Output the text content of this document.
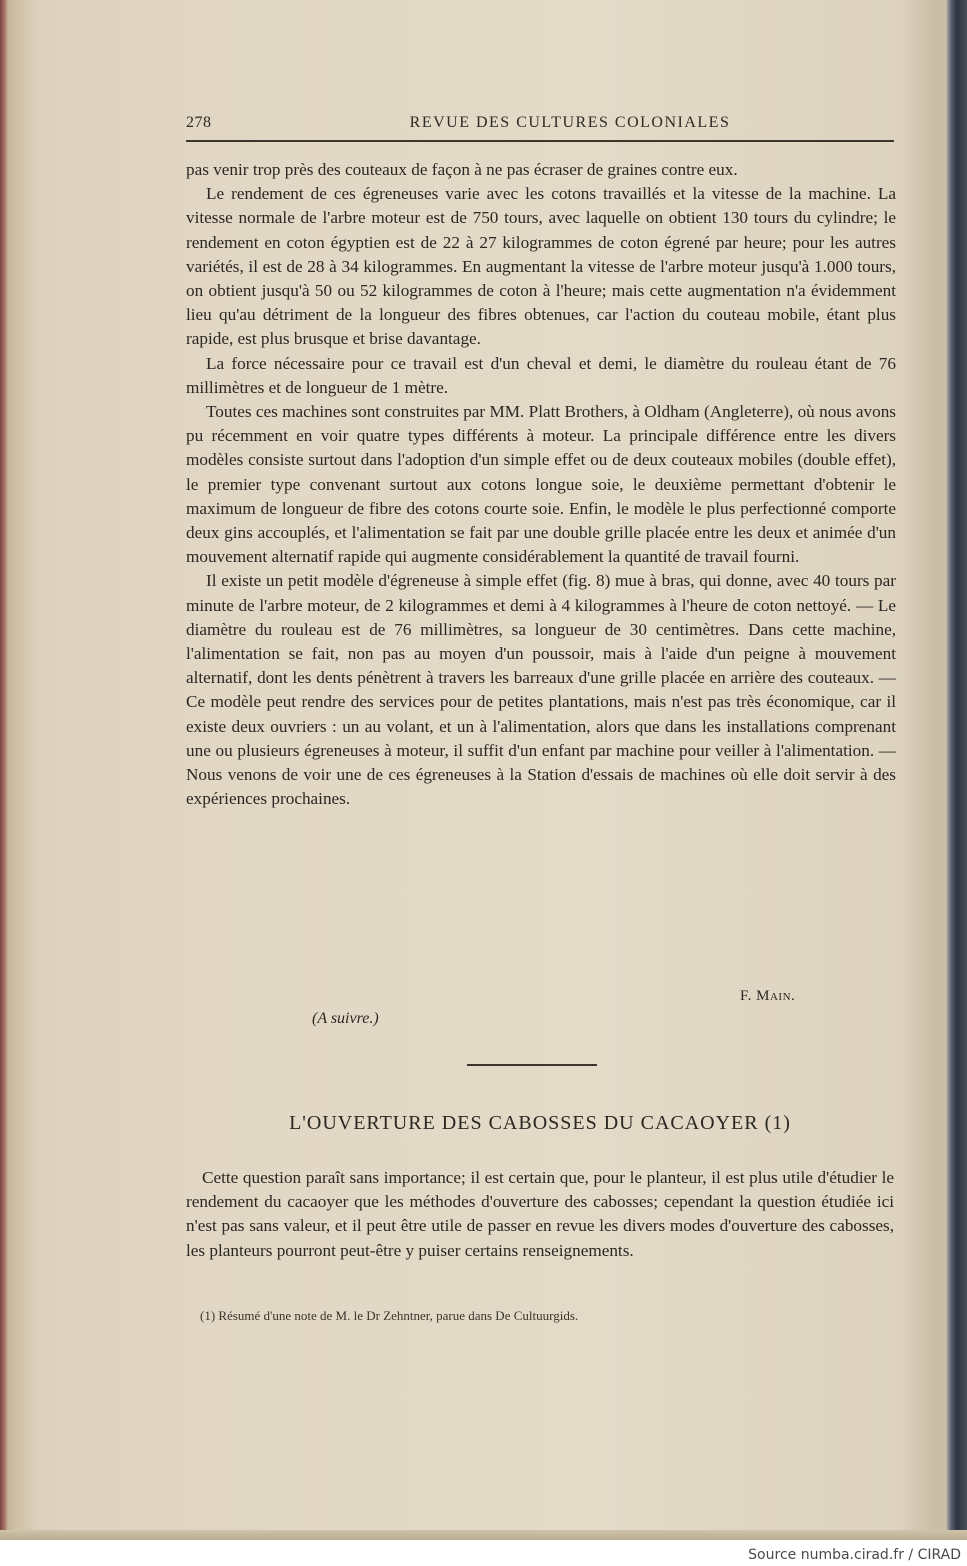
278	REVUE DES CULTURES COLONIALES

pas venir trop près des couteaux de façon à ne pas écraser de graines contre eux.

Le rendement de ces égreneuses varie avec les cotons travaillés et la vitesse de la machine. La vitesse normale de l'arbre moteur est de 750 tours, avec laquelle on obtient 130 tours du cylindre; le rendement en coton égyptien est de 22 à 27 kilogrammes de coton égrené par heure; pour les autres variétés, il est de 28 à 34 kilogrammes. En augmentant la vitesse de l'arbre moteur jusqu'à 1.000 tours, on obtient jusqu'à 50 ou 52 kilogrammes de coton à l'heure; mais cette augmentation n'a évidemment lieu qu'au détriment de la longueur des fibres obtenues, car l'action du couteau mobile, étant plus rapide, est plus brusque et brise davantage.

La force nécessaire pour ce travail est d'un cheval et demi, le diamètre du rouleau étant de 76 millimètres et de longueur de 1 mètre.

Toutes ces machines sont construites par MM. Platt Brothers, à Oldham (Angleterre), où nous avons pu récemment en voir quatre types différents à moteur. La principale différence entre les divers modèles consiste surtout dans l'adoption d'un simple effet ou de deux couteaux mobiles (double effet), le premier type convenant surtout aux cotons longue soie, le deuxième permettant d'obtenir le maximum de longueur de fibre des cotons courte soie. Enfin, le modèle le plus perfectionné comporte deux gins accouplés, et l'alimentation se fait par une double grille placée entre les deux et animée d'un mouvement alternatif rapide qui augmente considérablement la quantité de travail fourni.

Il existe un petit modèle d'égreneuse à simple effet (fig. 8) mue à bras, qui donne, avec 40 tours par minute de l'arbre moteur, de 2 kilogrammes et demi à 4 kilogrammes à l'heure de coton nettoyé. — Le diamètre du rouleau est de 76 millimètres, sa longueur de 30 centimètres. Dans cette machine, l'alimentation se fait, non pas au moyen d'un poussoir, mais à l'aide d'un peigne à mouvement alternatif, dont les dents pénètrent à travers les barreaux d'une grille placée en arrière des couteaux. — Ce modèle peut rendre des services pour de petites plantations, mais n'est pas très économique, car il existe deux ouvriers : un au volant, et un à l'alimentation, alors que dans les installations comprenant une ou plusieurs égreneuses à moteur, il suffit d'un enfant par machine pour veiller à l'alimentation. — Nous venons de voir une de ces égreneuses à la Station d'essais de machines où elle doit servir à des expériences prochaines.

F. Main.
(A suivre.)
L'OUVERTURE DES CABOSSES DU CACAOYER (1)

Cette question paraît sans importance; il est certain que, pour le planteur, il est plus utile d'étudier le rendement du cacaoyer que les méthodes d'ouverture des cabosses; cependant la question étudiée ici n'est pas sans valeur, et il peut être utile de passer en revue les divers modes d'ouverture des cabosses, les planteurs pourront peut-être y puiser certains renseignements.

(1) Résumé d'une note de M. le Dr Zehntner, parue dans De Cultuurgids.
Source numba.cirad.fr / CIRAD
